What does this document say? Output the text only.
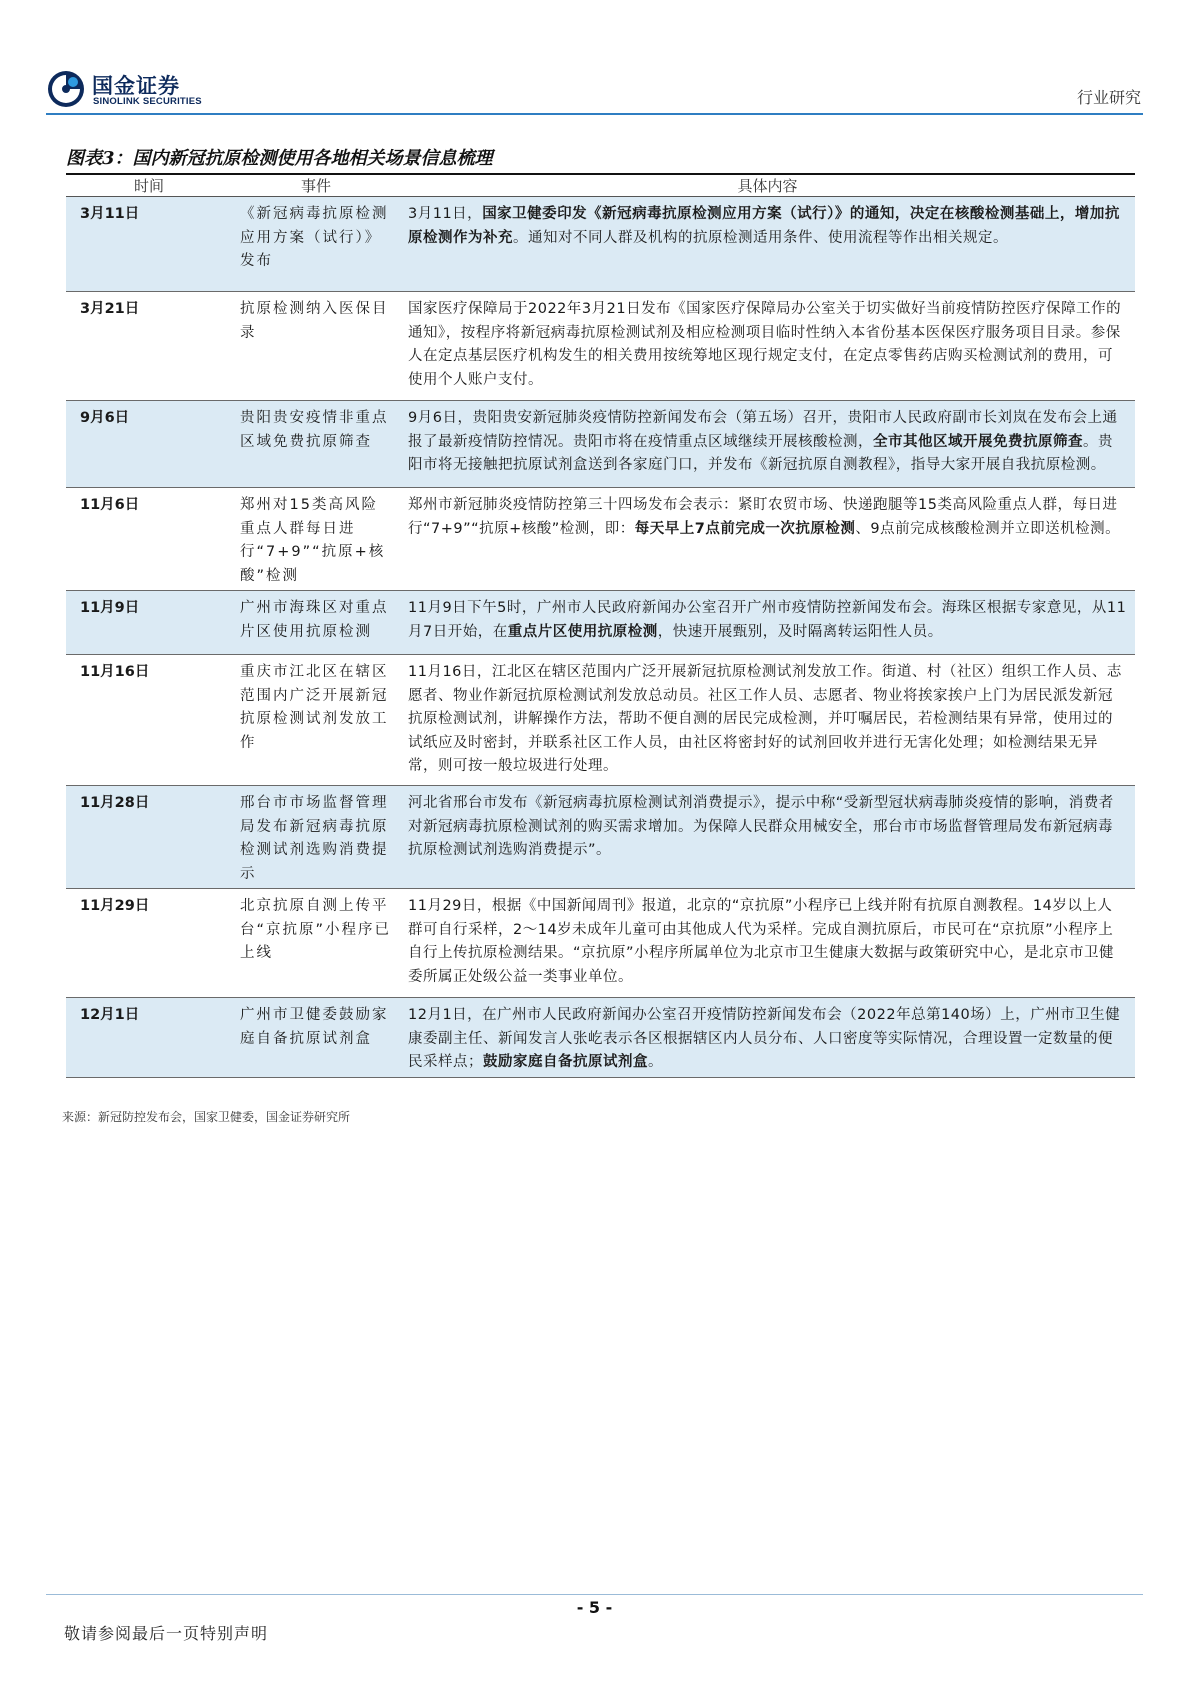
国金证券
SINOLINK SECURITIES	行业研究
图表3：国内新冠抗原检测使用各地相关场景信息梳理
时间	事件	具体内容
3月11日	《新冠病毒抗原检测应用方案（试行）》发布	3月11日，国家卫健委印发《新冠病毒抗原检测应用方案（试行）》的通知，决定在核酸检测基础上，增加抗原检测作为补充。通知对不同人群及机构的抗原检测适用条件、使用流程等作出相关规定。
3月21日	抗原检测纳入医保目录	国家医疗保障局于2022年3月21日发布《国家医疗保障局办公室关于切实做好当前疫情防控医疗保障工作的通知》，按程序将新冠病毒抗原检测试剂及相应检测项目临时性纳入本省份基本医保医疗服务项目目录。参保人在定点基层医疗机构发生的相关费用按统筹地区现行规定支付，在定点零售药店购买检测试剂的费用，可使用个人账户支付。
9月6日	贵阳贵安疫情非重点区域免费抗原筛查	9月6日，贵阳贵安新冠肺炎疫情防控新闻发布会（第五场）召开，贵阳市人民政府副市长刘岚在发布会上通报了最新疫情防控情况。贵阳市将在疫情重点区域继续开展核酸检测，全市其他区域开展免费抗原筛查。贵阳市将无接触把抗原试剂盒送到各家庭门口，并发布《新冠抗原自测教程》，指导大家开展自我抗原检测。
11月6日	郑州对15类高风险重点人群每日进行“7+9”“抗原+核酸”检测	郑州市新冠肺炎疫情防控第三十四场发布会表示：紧盯农贸市场、快递跑腿等15类高风险重点人群，每日进行“7+9”“抗原+核酸”检测，即：每天早上7点前完成一次抗原检测、9点前完成核酸检测并立即送机检测。
11月9日	广州市海珠区对重点片区使用抗原检测	11月9日下午5时，广州市人民政府新闻办公室召开广州市疫情防控新闻发布会。海珠区根据专家意见，从11月7日开始，在重点片区使用抗原检测，快速开展甄别，及时隔离转运阳性人员。
11月16日	重庆市江北区在辖区范围内广泛开展新冠抗原检测试剂发放工作	11月16日，江北区在辖区范围内广泛开展新冠抗原检测试剂发放工作。街道、村（社区）组织工作人员、志愿者、物业作新冠抗原检测试剂发放总动员。社区工作人员、志愿者、物业将挨家挨户上门为居民派发新冠抗原检测试剂，讲解操作方法，帮助不便自测的居民完成检测，并叮嘱居民，若检测结果有异常，使用过的试纸应及时密封，并联系社区工作人员，由社区将密封好的试剂回收并进行无害化处理；如检测结果无异常，则可按一般垃圾进行处理。
11月28日	邢台市市场监督管理局发布新冠病毒抗原检测试剂选购消费提示	河北省邢台市发布《新冠病毒抗原检测试剂消费提示》，提示中称“受新型冠状病毒肺炎疫情的影响，消费者对新冠病毒抗原检测试剂的购买需求增加。为保障人民群众用械安全，邢台市市场监督管理局发布新冠病毒抗原检测试剂选购消费提示”。
11月29日	北京抗原自测上传平台“京抗原”小程序已上线	11月29日，根据《中国新闻周刊》报道，北京的“京抗原”小程序已上线并附有抗原自测教程。14岁以上人群可自行采样，2～14岁未成年儿童可由其他成人代为采样。完成自测抗原后，市民可在“京抗原”小程序上自行上传抗原检测结果。“京抗原”小程序所属单位为北京市卫生健康大数据与政策研究中心，是北京市卫健委所属正处级公益一类事业单位。
12月1日	广州市卫健委鼓励家庭自备抗原试剂盒	12月1日，在广州市人民政府新闻办公室召开疫情防控新闻发布会（2022年总第140场）上，广州市卫生健康委副主任、新闻发言人张屹表示各区根据辖区内人员分布、人口密度等实际情况，合理设置一定数量的便民采样点；鼓励家庭自备抗原试剂盒。
来源：新冠防控发布会，国家卫健委，国金证券研究所
- 5 -
敬请参阅最后一页特别声明
